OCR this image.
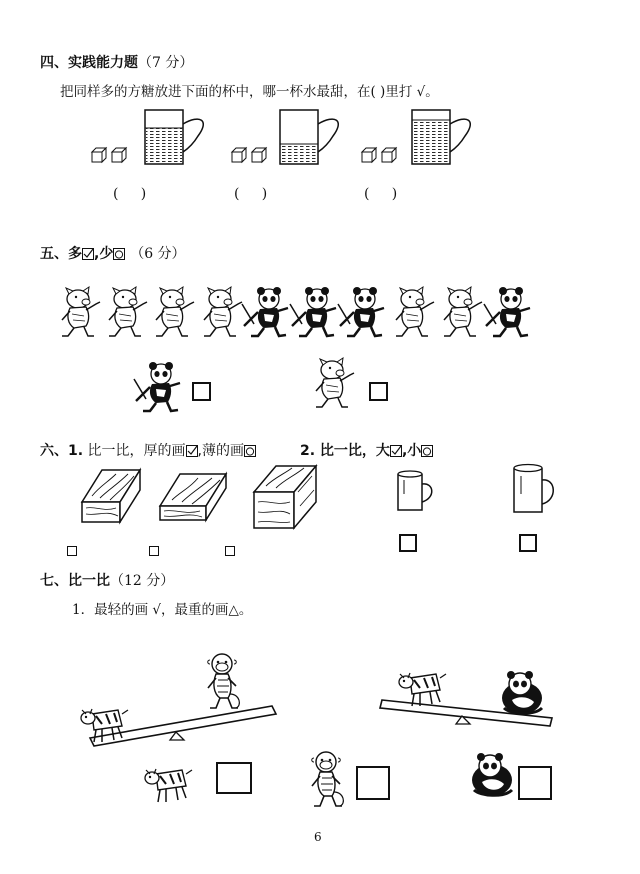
四、实践能力题（7 分）
把同样多的方糖放进下面的杯中，哪一杯水最甜，在( )里打 √。
(     )	(     )	(     )
五、多 ,少 （6 分）
六、1. 比一比，厚的画 ,薄的画	2. 比一比，大 ,小
七、比一比（12 分）
1．最轻的画 √，最重的画△。
6
